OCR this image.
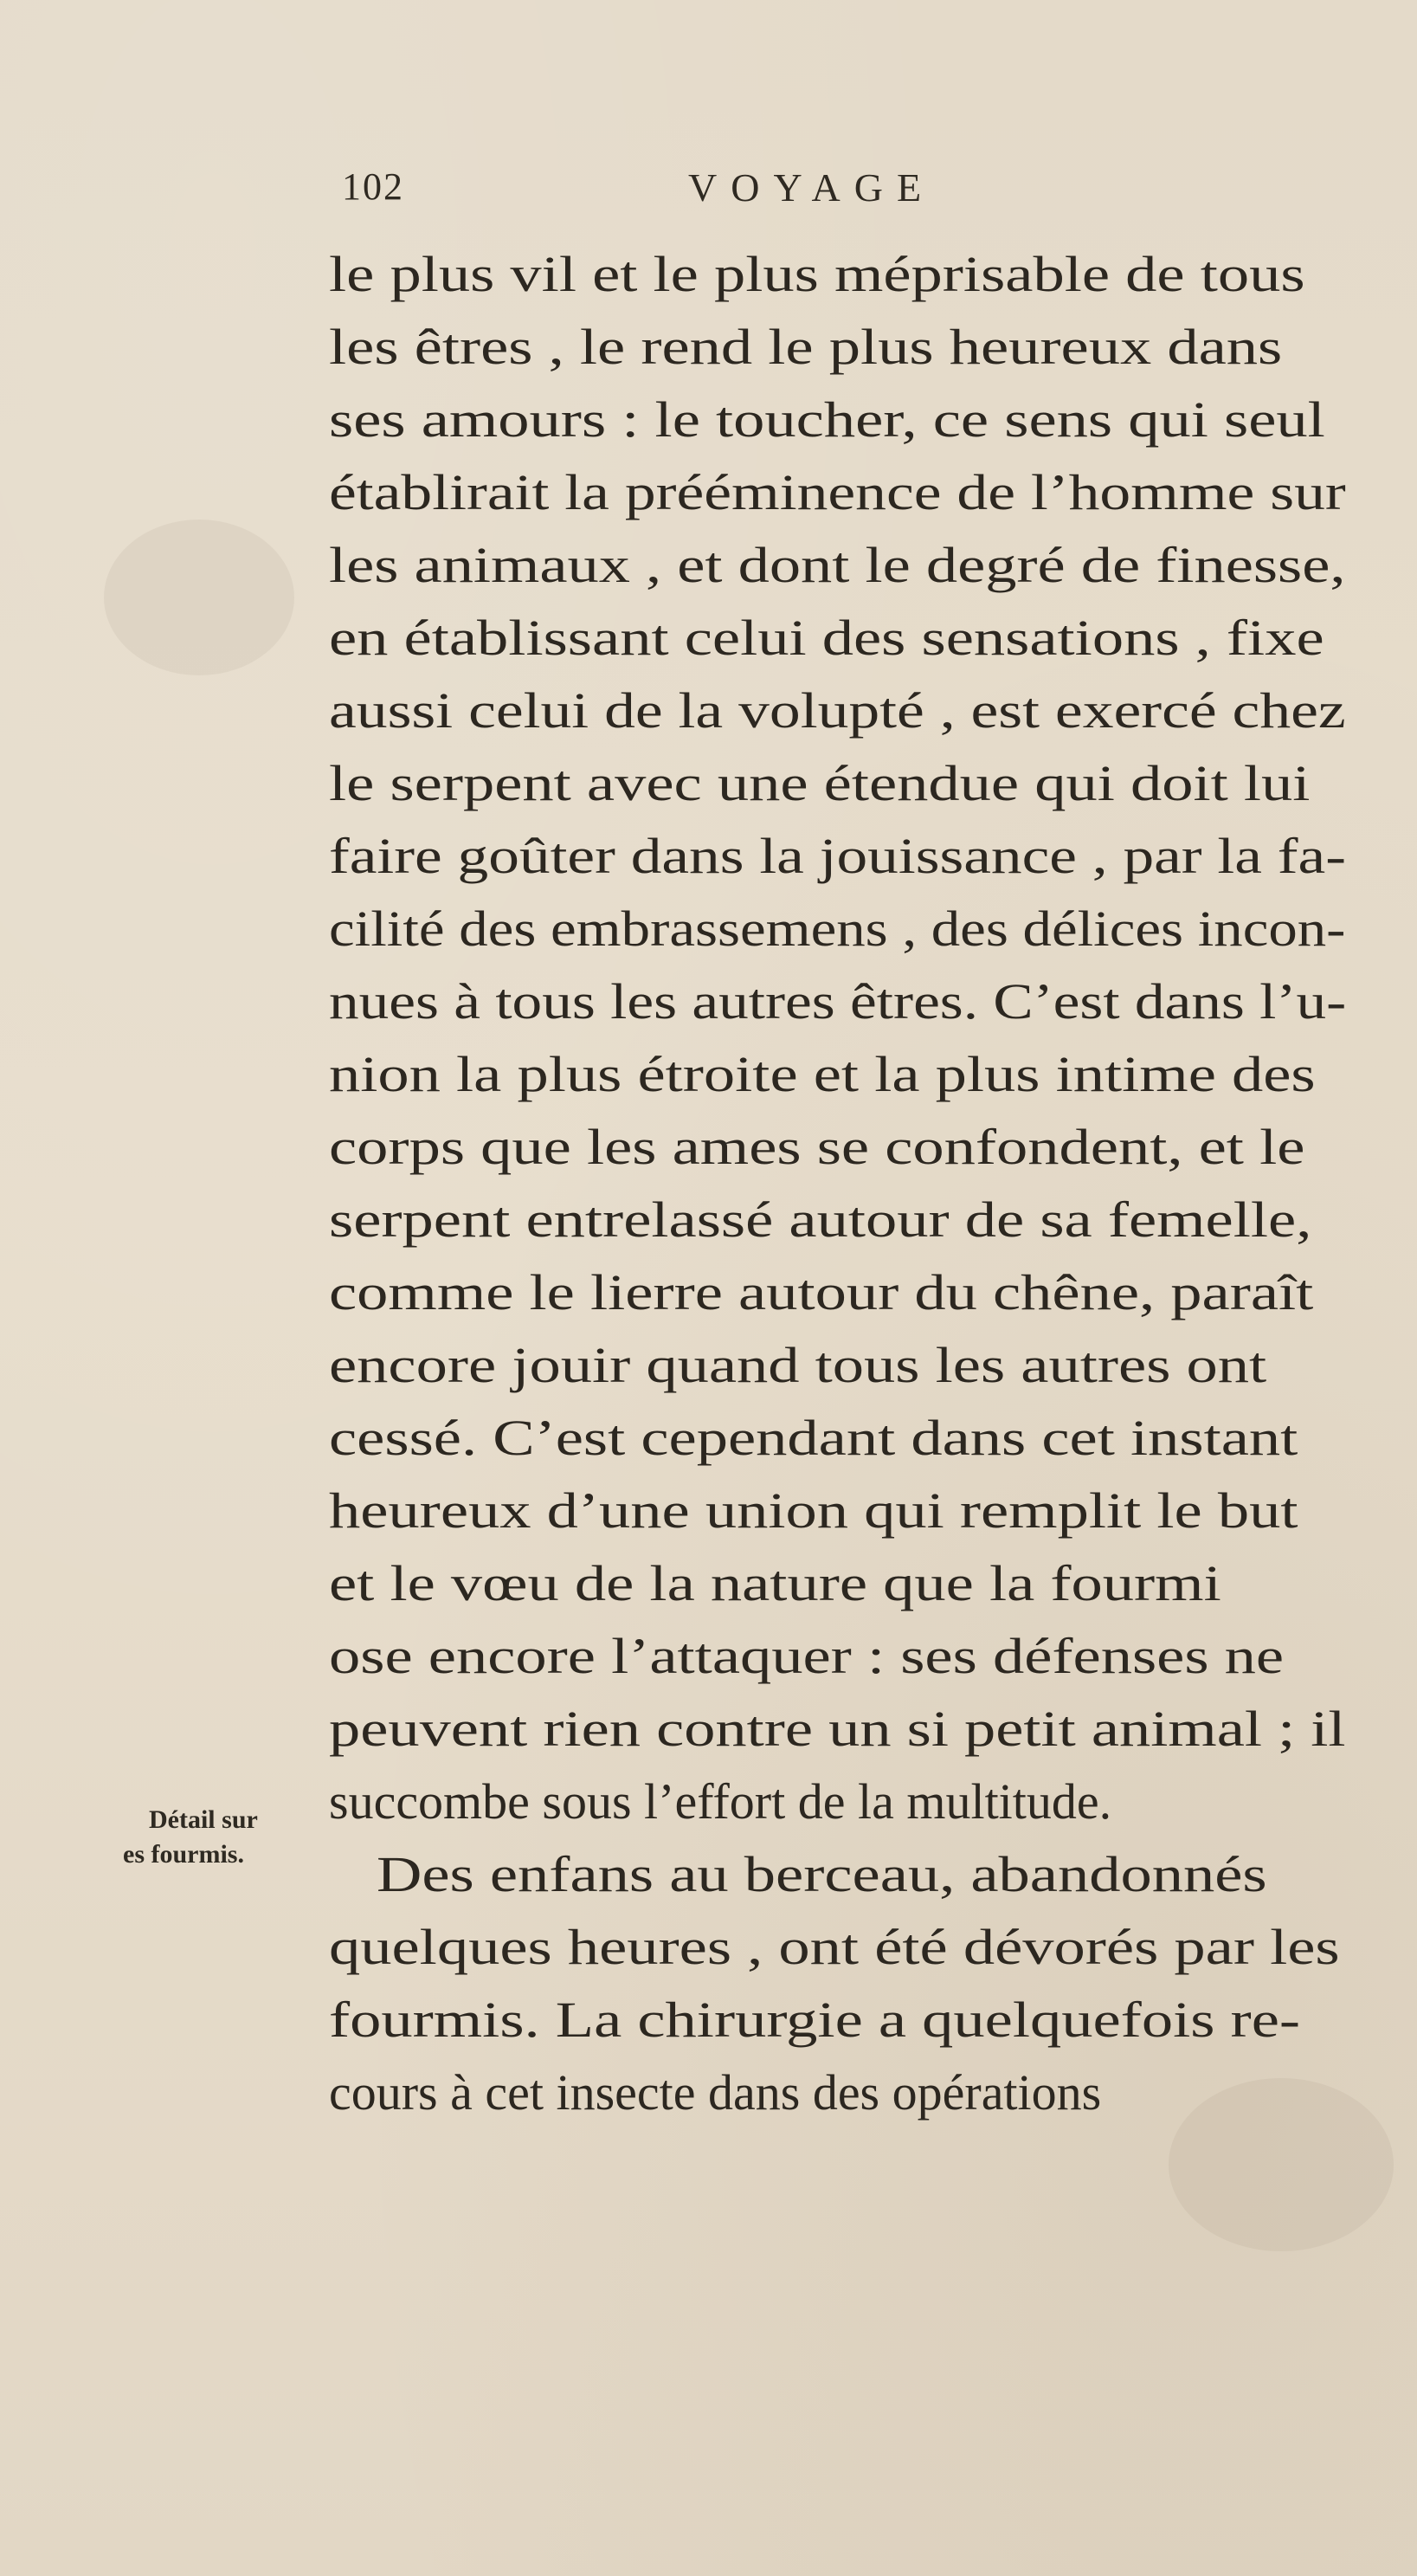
102	VOYAGE
le plus vil et le plus méprisable de tous
les êtres , le rend le plus heureux dans
ses amours : le toucher, ce sens qui seul
établirait la prééminence de l’homme sur
les animaux , et dont le degré de finesse,
en établissant celui des sensations , fixe
aussi celui de la volupté , est exercé chez
le serpent avec une étendue qui doit lui
faire goûter dans la jouissance , par la fa-
cilité des embrassemens , des délices incon-
nues à tous les autres êtres. C’est dans l’u-
nion la plus étroite et la plus intime des
corps que les ames se confondent, et le
serpent entrelassé autour de sa femelle,
comme le lierre autour du chêne, paraît
encore jouir quand tous les autres ont
cessé. C’est cependant dans cet instant
heureux d’une union qui remplit le but
et le vœu de la nature que la fourmi
ose encore l’attaquer : ses défenses ne
peuvent rien contre un si petit animal ; il
succombe sous l’effort de la multitude.
Des enfans au berceau, abandonnés
quelques heures , ont été dévorés par les
fourmis. La chirurgie a quelquefois re-
cours à cet insecte dans des opérations
Détail sur
es fourmis.
